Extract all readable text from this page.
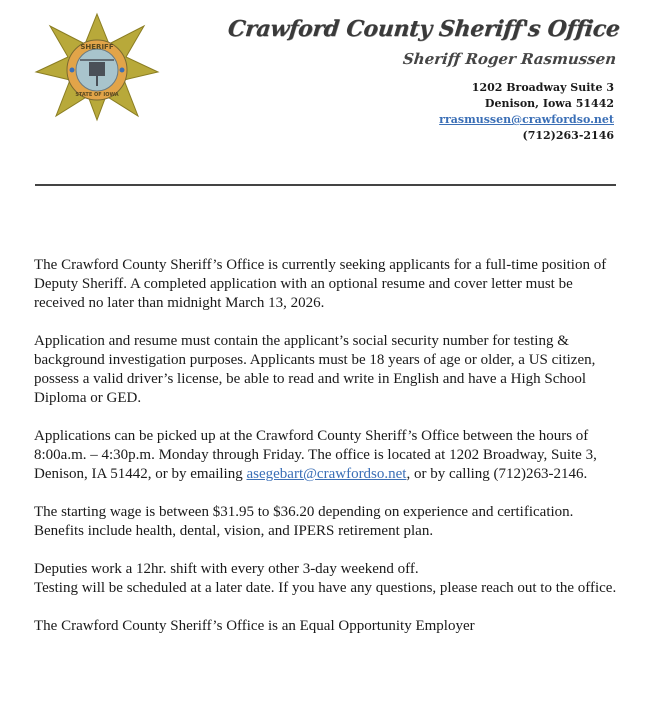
SHERIFF
STATE OF IOWA
Crawford County Sheriff's Office
Sheriff Roger Rasmussen
1202 Broadway Suite 3
Denison, Iowa 51442
rrasmussen@crawfordso.net
(712)263-2146

The Crawford County Sheriff’s Office is currently seeking applicants for a full-time position of Deputy Sheriff. A completed application with an optional resume and cover letter must be received no later than midnight March 13, 2026.

Application and resume must contain the applicant’s social security number for testing & background investigation purposes. Applicants must be 18 years of age or older, a US citizen, possess a valid driver’s license, be able to read and write in English and have a High School Diploma or GED.

Applications can be picked up at the Crawford County Sheriff’s Office between the hours of 8:00a.m. – 4:30p.m. Monday through Friday. The office is located at 1202 Broadway, Suite 3, Denison, IA 51442, or by emailing asegebart@crawfordso.net, or by calling (712)263-2146.

The starting wage is between $31.95 to $36.20 depending on experience and certification. Benefits include health, dental, vision, and IPERS retirement plan.

Deputies work a 12hr. shift with every other 3-day weekend off.

Testing will be scheduled at a later date. If you have any questions, please reach out to the office.

The Crawford County Sheriff’s Office is an Equal Opportunity Employer
